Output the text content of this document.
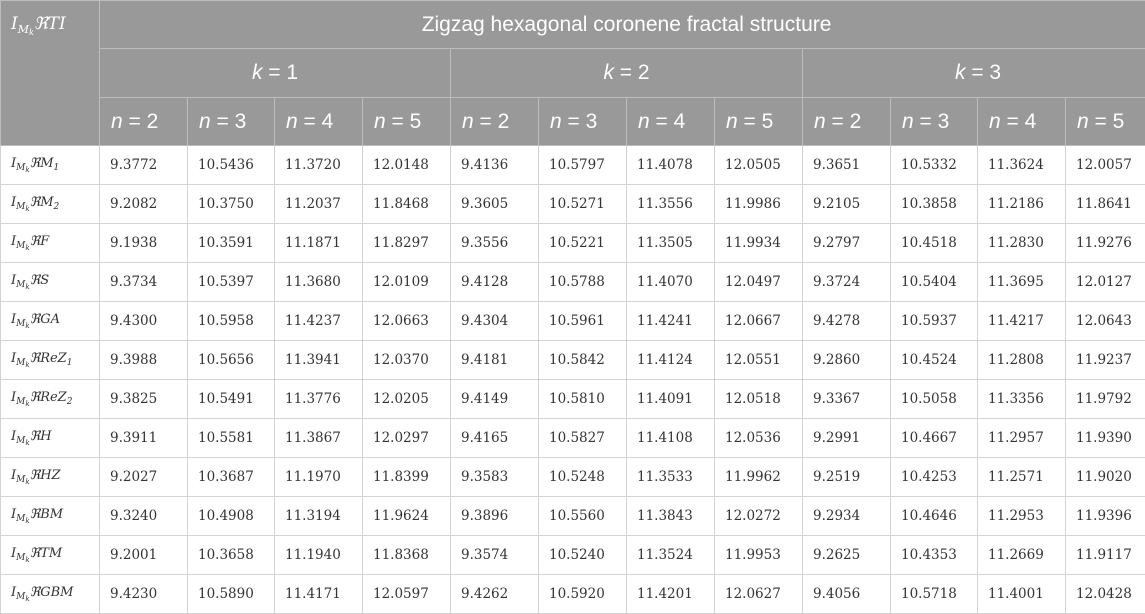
$I_{M_k}ℜTI$	Zigzag hexagonal coronene fractal structure											
	k = 1				k = 2				k = 3			
	n = 2	n = 3	n = 4	n = 5	n = 2	n = 3	n = 4	n = 5	n = 2	n = 3	n = 4	n = 5
$I_{M_k}ℜM_1$	9.3772	10.5436	11.3720	12.0148	9.4136	10.5797	11.4078	12.0505	9.3651	10.5332	11.3624	12.0057
$I_{M_k}ℜM_2$	9.2082	10.3750	11.2037	11.8468	9.3605	10.5271	11.3556	11.9986	9.2105	10.3858	11.2186	11.8641
$I_{M_k}ℜF$	9.1938	10.3591	11.1871	11.8297	9.3556	10.5221	11.3505	11.9934	9.2797	10.4518	11.2830	11.9276
$I_{M_k}ℜS$	9.3734	10.5397	11.3680	12.0109	9.4128	10.5788	11.4070	12.0497	9.3724	10.5404	11.3695	12.0127
$I_{M_k}ℜGA$	9.4300	10.5958	11.4237	12.0663	9.4304	10.5961	11.4241	12.0667	9.4278	10.5937	11.4217	12.0643
$I_{M_k}ℜReZ_1$	9.3988	10.5656	11.3941	12.0370	9.4181	10.5842	11.4124	12.0551	9.2860	10.4524	11.2808	11.9237
$I_{M_k}ℜReZ_2$	9.3825	10.5491	11.3776	12.0205	9.4149	10.5810	11.4091	12.0518	9.3367	10.5058	11.3356	11.9792
$I_{M_k}ℜH$	9.3911	10.5581	11.3867	12.0297	9.4165	10.5827	11.4108	12.0536	9.2991	10.4667	11.2957	11.9390
$I_{M_k}ℜHZ$	9.2027	10.3687	11.1970	11.8399	9.3583	10.5248	11.3533	11.9962	9.2519	10.4253	11.2571	11.9020
$I_{M_k}ℜBM$	9.3240	10.4908	11.3194	11.9624	9.3896	10.5560	11.3843	12.0272	9.2934	10.4646	11.2953	11.9396
$I_{M_k}ℜTM$	9.2001	10.3658	11.1940	11.8368	9.3574	10.5240	11.3524	11.9953	9.2625	10.4353	11.2669	11.9117
$I_{M_k}ℜGBM$	9.4230	10.5890	11.4171	12.0597	9.4262	10.5920	11.4201	12.0627	9.4056	10.5718	11.4001	12.0428
